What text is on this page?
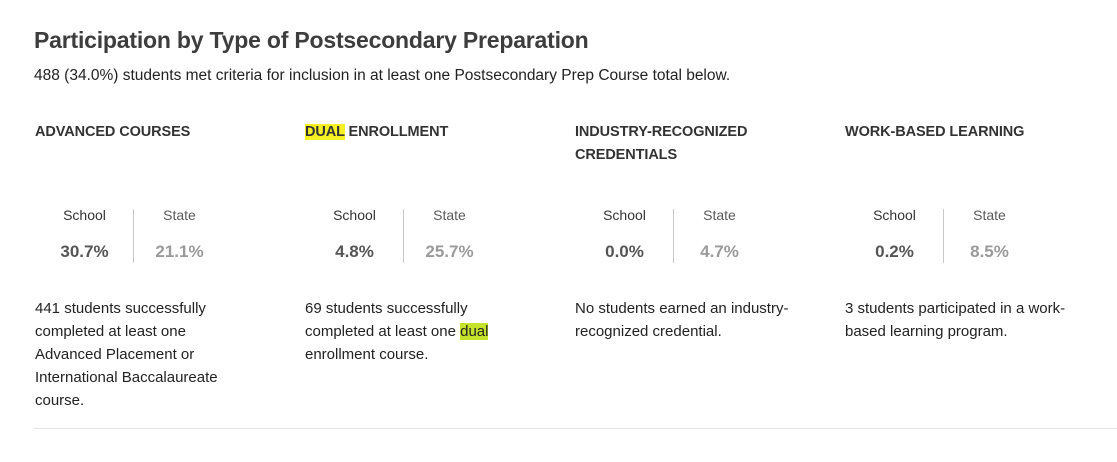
Participation by Type of Postsecondary Preparation

488 (34.0%) students met criteria for inclusion in at least one Postsecondary Prep Course total below.

ADVANCED COURSES
School
30.7%
State
21.1%

441 students successfully completed at least one Advanced Placement or International Baccalaureate course.

DUAL ENROLLMENT
School
4.8%
State
25.7%

69 students successfully completed at least one dual enrollment course.

INDUSTRY-RECOGNIZED CREDENTIALS
School
0.0%
State
4.7%

No students earned an industry-recognized credential.

WORK-BASED LEARNING
School
0.2%
State
8.5%

3 students participated in a work-based learning program.
